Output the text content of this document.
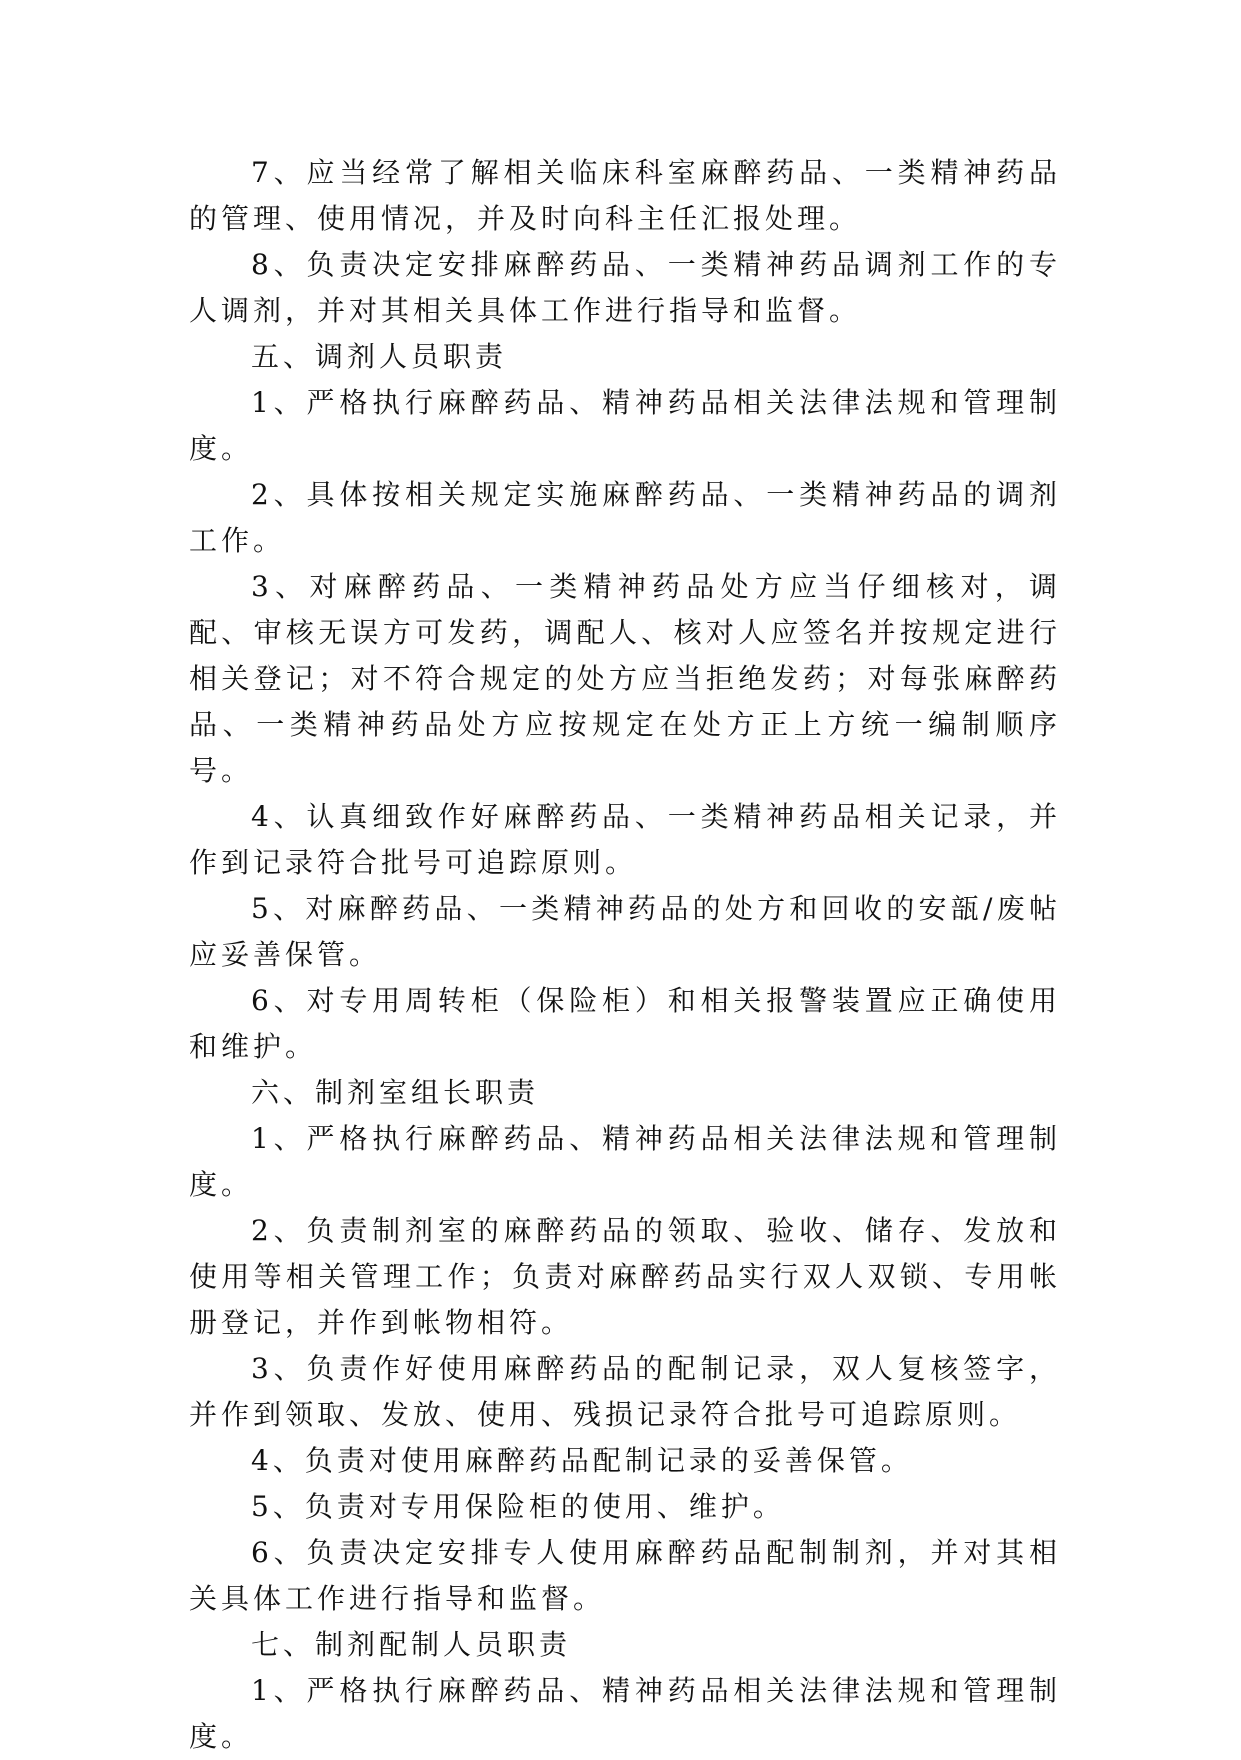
7、应当经常了解相关临床科室麻醉药品、一类精神药品的管理、使用情况，并及时向科主任汇报处理。

8、负责决定安排麻醉药品、一类精神药品调剂工作的专人调剂，并对其相关具体工作进行指导和监督。

五、调剂人员职责

1、严格执行麻醉药品、精神药品相关法律法规和管理制度。

2、具体按相关规定实施麻醉药品、一类精神药品的调剂工作。

3、对麻醉药品、一类精神药品处方应当仔细核对，调配、审核无误方可发药，调配人、核对人应签名并按规定进行相关登记；对不符合规定的处方应当拒绝发药；对每张麻醉药品、一类精神药品处方应按规定在处方正上方统一编制顺序号。

4、认真细致作好麻醉药品、一类精神药品相关记录，并作到记录符合批号可追踪原则。

5、对麻醉药品、一类精神药品的处方和回收的安瓿/废帖应妥善保管。

6、对专用周转柜（保险柜）和相关报警装置应正确使用和维护。

六、制剂室组长职责

1、严格执行麻醉药品、精神药品相关法律法规和管理制度。

2、负责制剂室的麻醉药品的领取、验收、储存、发放和使用等相关管理工作；负责对麻醉药品实行双人双锁、专用帐册登记，并作到帐物相符。

3、负责作好使用麻醉药品的配制记录，双人复核签字，并作到领取、发放、使用、残损记录符合批号可追踪原则。

4、负责对使用麻醉药品配制记录的妥善保管。

5、负责对专用保险柜的使用、维护。

6、负责决定安排专人使用麻醉药品配制制剂，并对其相关具体工作进行指导和监督。

七、制剂配制人员职责

1、严格执行麻醉药品、精神药品相关法律法规和管理制度。
